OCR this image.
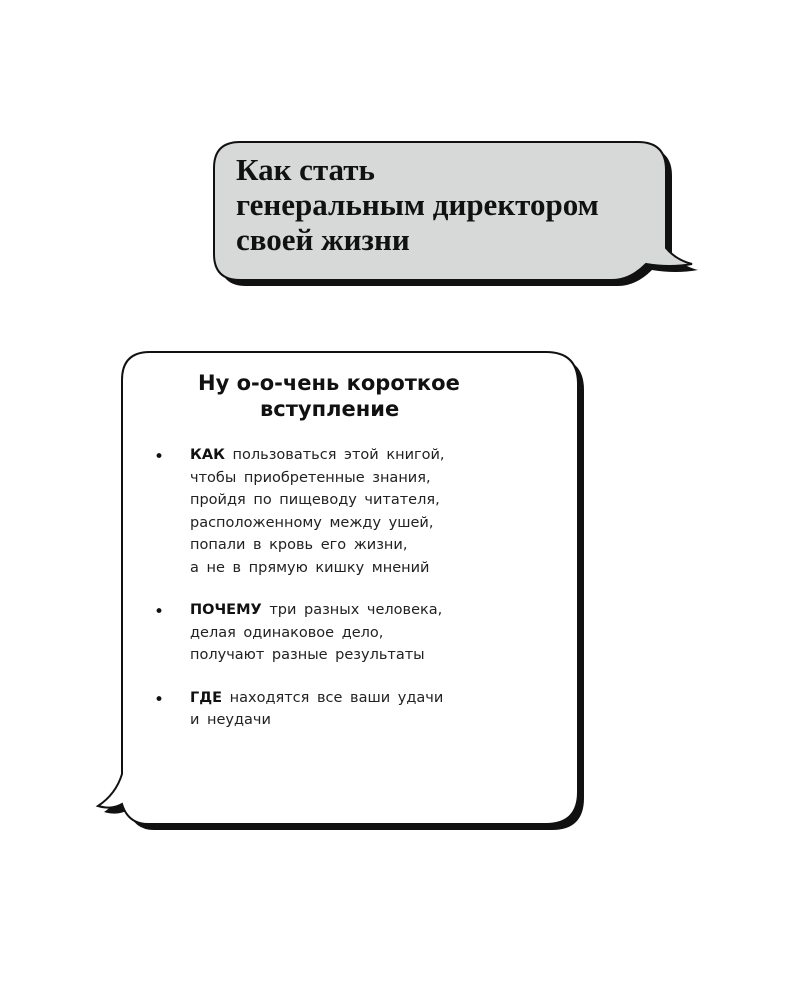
Как стать
генеральным директором
своей жизни
Ну о-о-чень короткое
вступление
• КАК пользоваться этой книгой,
чтобы приобретенные знания,
пройдя по пищеводу читателя,
расположенному между ушей,
попали в кровь его жизни,
а не в прямую кишку мнений
• ПОЧЕМУ три разных человека,
делая одинаковое дело,
получают разные результаты
• ГДЕ находятся все ваши удачи
и неудачи
